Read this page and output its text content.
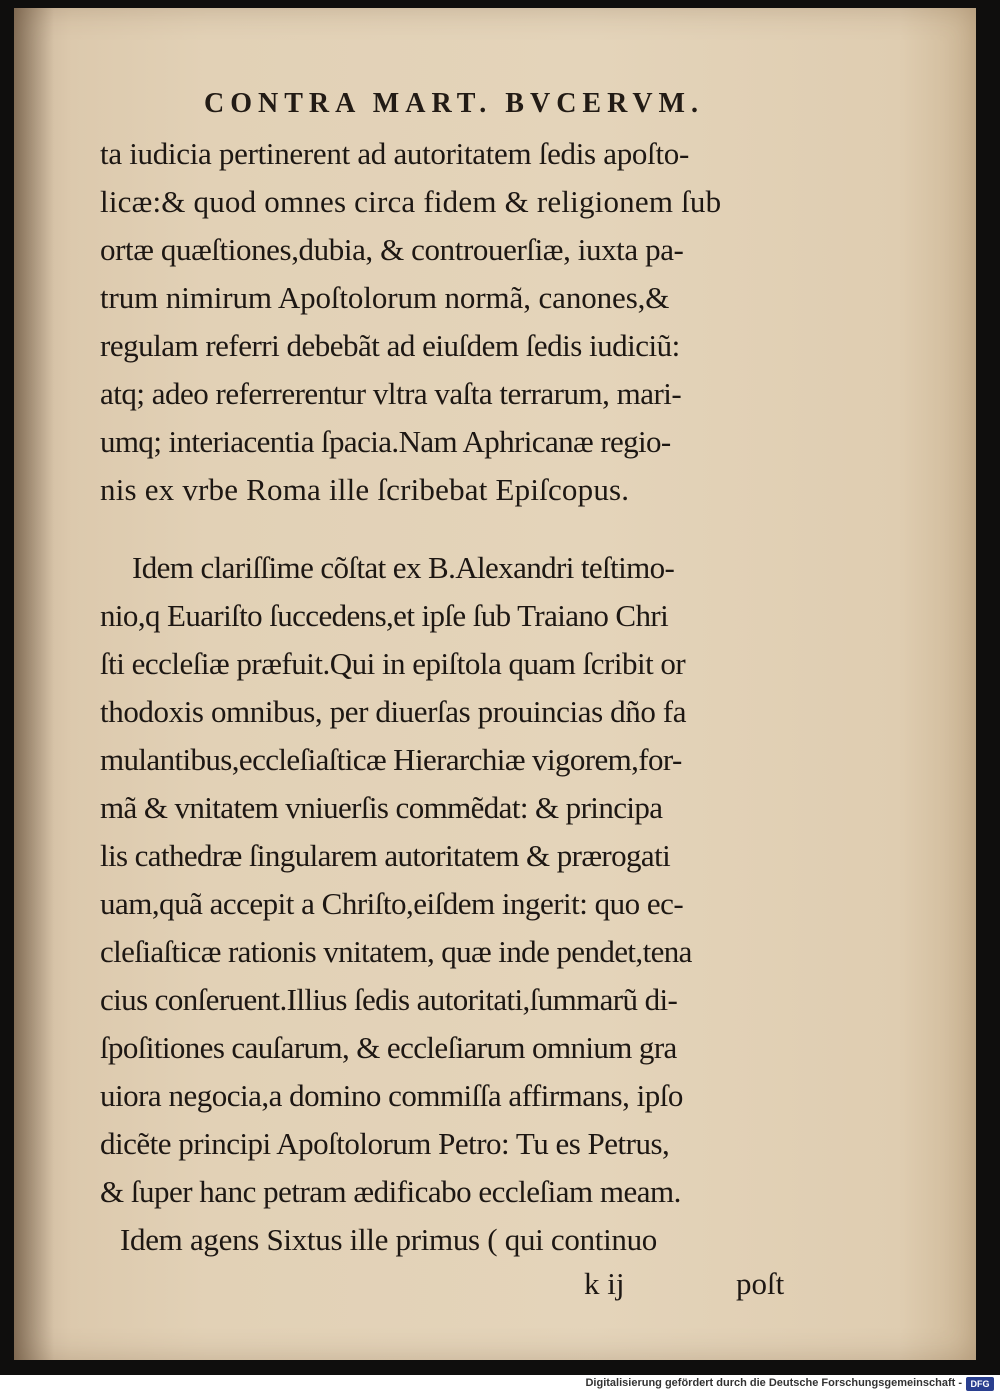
CONTRA MART. BVCERVM.
ta iudicia pertinerent ad autoritatem ſedis apoſto-
licæ:& quod omnes circa fidem & religionem ſub
ortæ quæſtiones,dubia, & controuerſiæ, iuxta pa-
trum nimirum Apoſtolorum normã, canones,&
regulam referri debebãt ad eiuſdem ſedis iudiciũ:
atq; adeo referrerentur vltra vaſta terrarum, mari-
umq; interiacentia ſpacia.Nam Aphricanæ regio-
nis ex vrbe Roma ille ſcribebat Epiſcopus.
Idem clariſſime cõſtat ex B.Alexandri teſtimo-
nio,q Euariſto ſuccedens,et ipſe ſub Traiano Chri
ſti eccleſiæ præfuit.Qui in epiſtola quam ſcribit or
thodoxis omnibus, per diuerſas prouincias dño fa
mulantibus,eccleſiaſticæ Hierarchiæ vigorem,for-
mã & vnitatem vniuerſis commẽdat: & principa
lis cathedræ ſingularem autoritatem & prærogati
uam,quã accepit a Chriſto,eiſdem ingerit: quo ec-
cleſiaſticæ rationis vnitatem, quæ inde pendet,tena
cius conſeruent.Illius ſedis autoritati,ſummarũ di-
ſpoſitiones cauſarum, & eccleſiarum omnium gra
uiora negocia,a domino commiſſa affirmans, ipſo
dicẽte principi Apoſtolorum Petro: Tu es Petrus,
& ſuper hanc petram ædificabo eccleſiam meam.
Idem agens Sixtus ille primus ( qui continuo
k ij	poſt
Digitalisierung gefördert durch die Deutsche Forschungsgemeinschaft - DFG
